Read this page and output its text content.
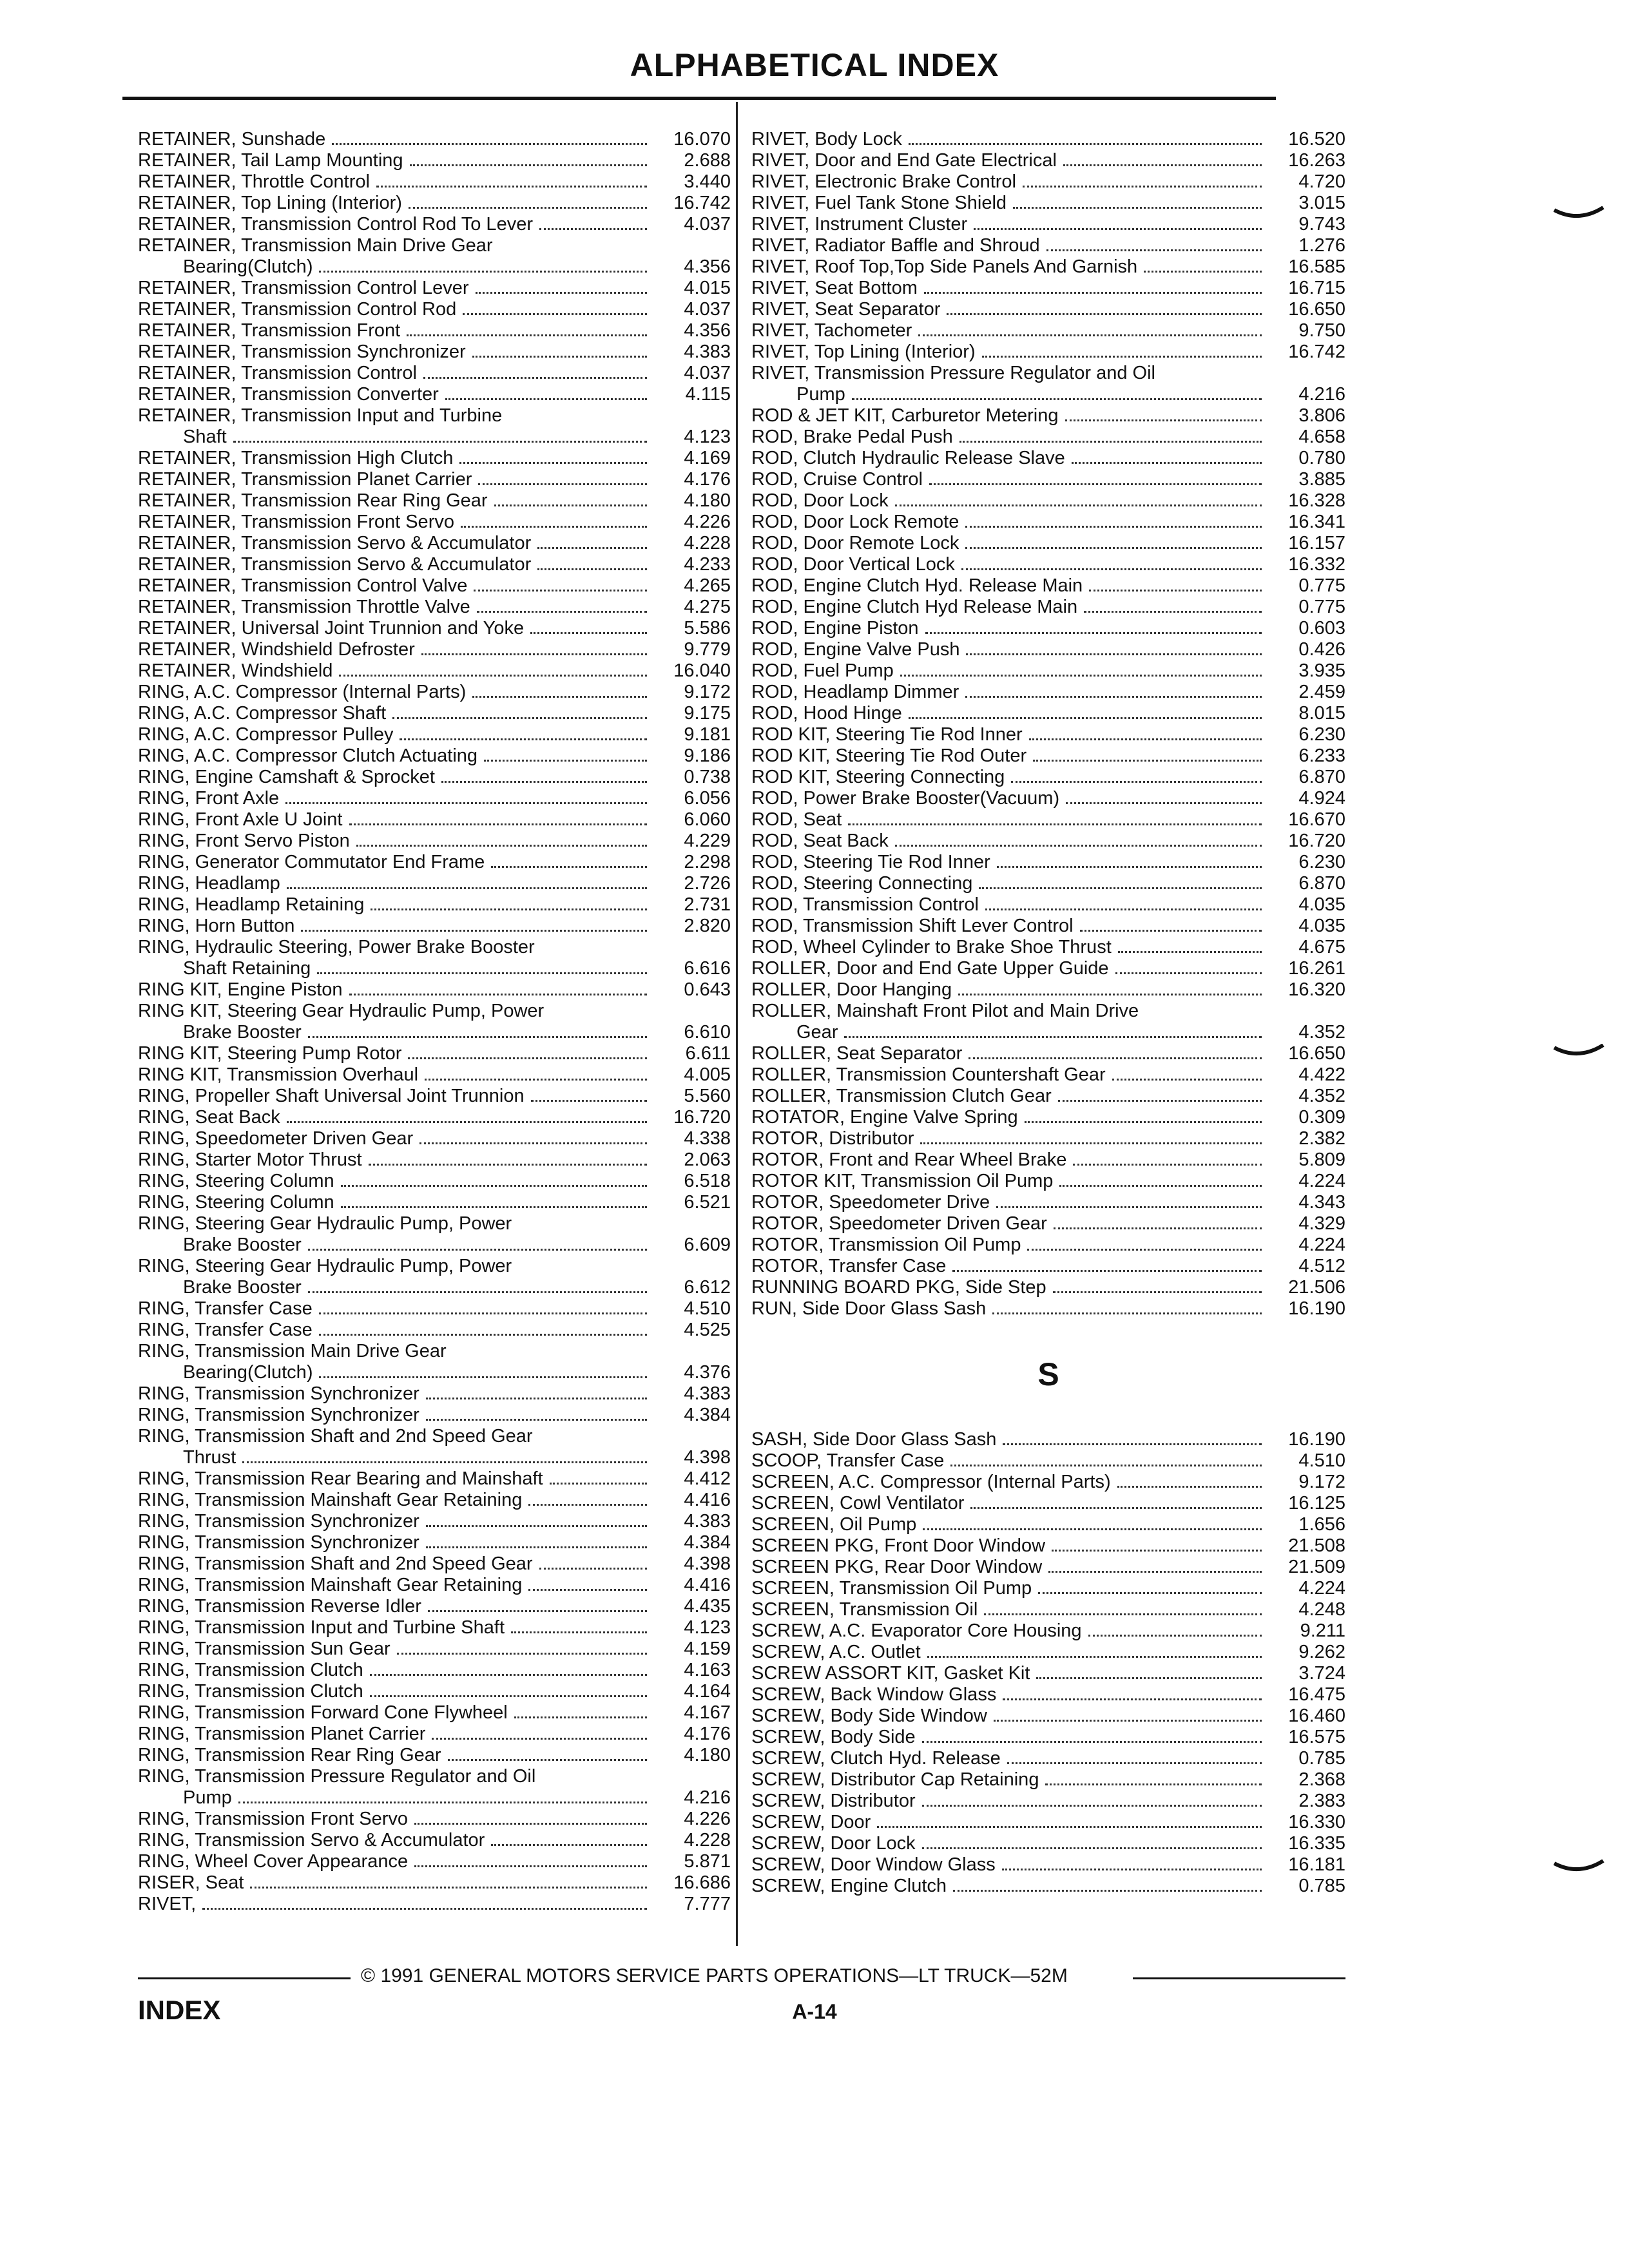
ALPHABETICAL INDEX
RETAINER, Sunshade	16.070
RETAINER, Tail Lamp Mounting	2.688
RETAINER, Throttle Control	3.440
RETAINER, Top Lining (Interior)	16.742
RETAINER, Transmission Control Rod To Lever	4.037
RETAINER, Transmission Main Drive Gear
Bearing(Clutch)	4.356
RETAINER, Transmission Control Lever	4.015
RETAINER, Transmission Control Rod	4.037
RETAINER, Transmission Front	4.356
RETAINER, Transmission Synchronizer	4.383
RETAINER, Transmission Control	4.037
RETAINER, Transmission Converter	4.115
RETAINER, Transmission Input and Turbine
Shaft	4.123
RETAINER, Transmission High Clutch	4.169
RETAINER, Transmission Planet Carrier	4.176
RETAINER, Transmission Rear Ring Gear	4.180
RETAINER, Transmission Front Servo	4.226
RETAINER, Transmission Servo & Accumulator	4.228
RETAINER, Transmission Servo & Accumulator	4.233
RETAINER, Transmission Control Valve	4.265
RETAINER, Transmission Throttle Valve	4.275
RETAINER, Universal Joint Trunnion and Yoke	5.586
RETAINER, Windshield Defroster	9.779
RETAINER, Windshield	16.040
RING, A.C. Compressor (Internal Parts)	9.172
RING, A.C. Compressor Shaft	9.175
RING, A.C. Compressor Pulley	9.181
RING, A.C. Compressor Clutch Actuating	9.186
RING, Engine Camshaft & Sprocket	0.738
RING, Front Axle	6.056
RING, Front Axle U Joint	6.060
RING, Front Servo Piston	4.229
RING, Generator Commutator End Frame	2.298
RING, Headlamp	2.726
RING, Headlamp Retaining	2.731
RING, Horn Button	2.820
RING, Hydraulic Steering, Power Brake Booster
Shaft Retaining	6.616
RING KIT, Engine Piston	0.643
RING KIT, Steering Gear Hydraulic Pump, Power
Brake Booster	6.610
RING KIT, Steering Pump Rotor	6.611
RING KIT, Transmission Overhaul	4.005
RING, Propeller Shaft Universal Joint Trunnion	5.560
RING, Seat Back	16.720
RING, Speedometer Driven Gear	4.338
RING, Starter Motor Thrust	2.063
RING, Steering Column	6.518
RING, Steering Column	6.521
RING, Steering Gear Hydraulic Pump, Power
Brake Booster	6.609
RING, Steering Gear Hydraulic Pump, Power
Brake Booster	6.612
RING, Transfer Case	4.510
RING, Transfer Case	4.525
RING, Transmission Main Drive Gear
Bearing(Clutch)	4.376
RING, Transmission Synchronizer	4.383
RING, Transmission Synchronizer	4.384
RING, Transmission Shaft and 2nd Speed Gear
Thrust	4.398
RING, Transmission Rear Bearing and Mainshaft	4.412
RING, Transmission Mainshaft Gear Retaining	4.416
RING, Transmission Synchronizer	4.383
RING, Transmission Synchronizer	4.384
RING, Transmission Shaft and 2nd Speed Gear	4.398
RING, Transmission Mainshaft Gear Retaining	4.416
RING, Transmission Reverse Idler	4.435
RING, Transmission Input and Turbine Shaft	4.123
RING, Transmission Sun Gear	4.159
RING, Transmission Clutch	4.163
RING, Transmission Clutch	4.164
RING, Transmission Forward Cone Flywheel	4.167
RING, Transmission Planet Carrier	4.176
RING, Transmission Rear Ring Gear	4.180
RING, Transmission Pressure Regulator and Oil
Pump	4.216
RING, Transmission Front Servo	4.226
RING, Transmission Servo & Accumulator	4.228
RING, Wheel Cover Appearance	5.871
RISER, Seat	16.686
RIVET,	7.777
RIVET, Body Lock	16.520
RIVET, Door and End Gate Electrical	16.263
RIVET, Electronic Brake Control	4.720
RIVET, Fuel Tank Stone Shield	3.015
RIVET, Instrument Cluster	9.743
RIVET, Radiator Baffle and Shroud	1.276
RIVET, Roof Top,Top Side Panels And Garnish	16.585
RIVET, Seat Bottom	16.715
RIVET, Seat Separator	16.650
RIVET, Tachometer	9.750
RIVET, Top Lining (Interior)	16.742
RIVET, Transmission Pressure Regulator and Oil
Pump	4.216
ROD & JET KIT, Carburetor Metering	3.806
ROD, Brake Pedal Push	4.658
ROD, Clutch Hydraulic Release Slave	0.780
ROD, Cruise Control	3.885
ROD, Door Lock	16.328
ROD, Door Lock Remote	16.341
ROD, Door Remote Lock	16.157
ROD, Door Vertical Lock	16.332
ROD, Engine Clutch Hyd. Release Main	0.775
ROD, Engine Clutch Hyd Release Main	0.775
ROD, Engine Piston	0.603
ROD, Engine Valve Push	0.426
ROD, Fuel Pump	3.935
ROD, Headlamp Dimmer	2.459
ROD, Hood Hinge	8.015
ROD KIT, Steering Tie Rod Inner	6.230
ROD KIT, Steering Tie Rod Outer	6.233
ROD KIT, Steering Connecting	6.870
ROD, Power Brake Booster(Vacuum)	4.924
ROD, Seat	16.670
ROD, Seat Back	16.720
ROD, Steering Tie Rod Inner	6.230
ROD, Steering Connecting	6.870
ROD, Transmission Control	4.035
ROD, Transmission Shift Lever Control	4.035
ROD, Wheel Cylinder to Brake Shoe Thrust	4.675
ROLLER, Door and End Gate Upper Guide	16.261
ROLLER, Door Hanging	16.320
ROLLER, Mainshaft Front Pilot and Main Drive
Gear	4.352
ROLLER, Seat Separator	16.650
ROLLER, Transmission Countershaft Gear	4.422
ROLLER, Transmission Clutch Gear	4.352
ROTATOR, Engine Valve Spring	0.309
ROTOR, Distributor	2.382
ROTOR, Front and Rear Wheel Brake	5.809
ROTOR KIT, Transmission Oil Pump	4.224
ROTOR, Speedometer Drive	4.343
ROTOR, Speedometer Driven Gear	4.329
ROTOR, Transmission Oil Pump	4.224
ROTOR, Transfer Case	4.512
RUNNING BOARD PKG, Side Step	21.506
RUN, Side Door Glass Sash	16.190
S
SASH, Side Door Glass Sash	16.190
SCOOP, Transfer Case	4.510
SCREEN, A.C. Compressor (Internal Parts)	9.172
SCREEN, Cowl Ventilator	16.125
SCREEN, Oil Pump	1.656
SCREEN PKG, Front Door Window	21.508
SCREEN PKG, Rear Door Window	21.509
SCREEN, Transmission Oil Pump	4.224
SCREEN, Transmission Oil	4.248
SCREW, A.C. Evaporator Core Housing	9.211
SCREW, A.C. Outlet	9.262
SCREW ASSORT KIT, Gasket Kit	3.724
SCREW, Back Window Glass	16.475
SCREW, Body Side Window	16.460
SCREW, Body Side	16.575
SCREW, Clutch Hyd. Release	0.785
SCREW, Distributor Cap Retaining	2.368
SCREW, Distributor	2.383
SCREW, Door	16.330
SCREW, Door Lock	16.335
SCREW, Door Window Glass	16.181
SCREW, Engine Clutch	0.785
© 1991 GENERAL MOTORS SERVICE PARTS OPERATIONS—LT TRUCK—52M
INDEX	A-14
